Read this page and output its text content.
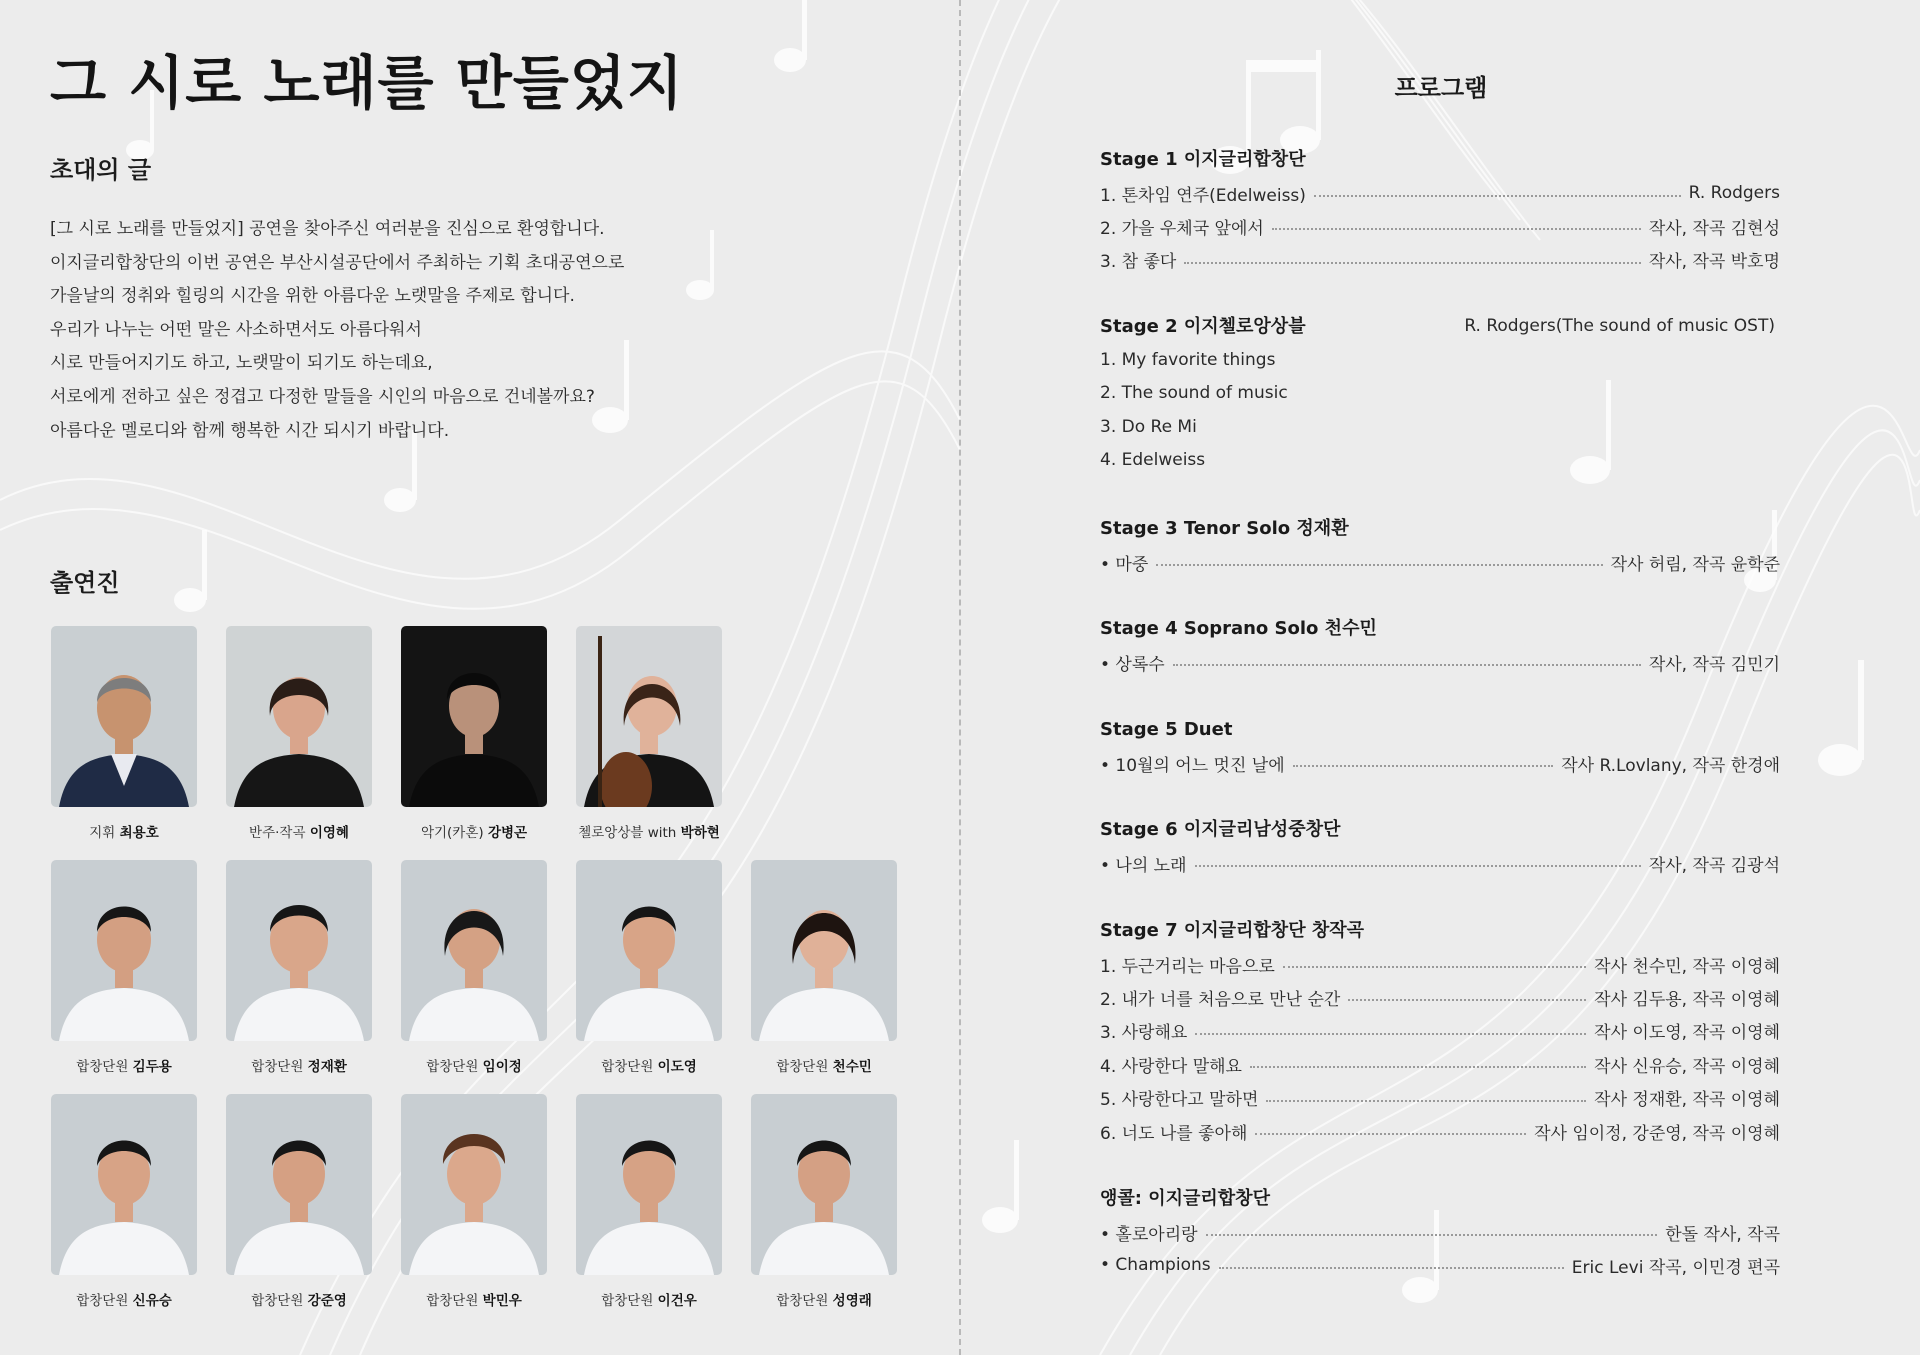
그 시로 노래를 만들었지
초대의 글

[그 시로 노래를 만들었지] 공연을 찾아주신 여러분을 진심으로 환영합니다.

이지글리합창단의 이번 공연은 부산시설공단에서 주최하는 기획 초대공연으로

가을날의 정취와 힐링의 시간을 위한 아름다운 노랫말을 주제로 합니다.

우리가 나누는 어떤 말은 사소하면서도 아름다워서

시로 만들어지기도 하고, 노랫말이 되기도 하는데요,

서로에게 전하고 싶은 정겹고 다정한 말들을 시인의 마음으로 건네볼까요?

아름다운 멜로디와 함께 행복한 시간 되시기 바랍니다.

출연진
지휘 최용호	반주·작곡 이영혜	악기(카혼) 강병곤	첼로앙상블 with 박하현
합창단원 김두용	합창단원 정재환	합창단원 임이정	합창단원 이도영	합창단원 천수민
합창단원 신유승	합창단원 강준영	합창단원 박민우	합창단원 이건우	합창단원 성영래
프로그램
Stage 1 이지글리합창단
1. 톤차임 연주(Edelweiss)	R. Rodgers
2. 가을 우체국 앞에서	작사, 작곡 김현성
3. 참 좋다	작사, 작곡 박호명
Stage 2 이지첼로앙상블	R. Rodgers(The sound of music OST)
1. My favorite things
2. The sound of music
3. Do Re Mi
4. Edelweiss
Stage 3 Tenor Solo 정재환
• 마중	작사 허림, 작곡 윤학준
Stage 4 Soprano Solo 천수민
• 상록수	작사, 작곡 김민기
Stage 5 Duet
• 10월의 어느 멋진 날에	작사 R.Lovlany, 작곡 한경애
Stage 6 이지글리남성중창단
• 나의 노래	작사, 작곡 김광석
Stage 7 이지글리합창단 창작곡
1. 두근거리는 마음으로	작사 천수민, 작곡 이영혜
2. 내가 너를 처음으로 만난 순간	작사 김두용, 작곡 이영혜
3. 사랑해요	작사 이도영, 작곡 이영혜
4. 사랑한다 말해요	작사 신유승, 작곡 이영혜
5. 사랑한다고 말하면	작사 정재환, 작곡 이영혜
6. 너도 나를 좋아해	작사 임이정, 강준영, 작곡 이영혜
앵콜: 이지글리합창단
• 홀로아리랑	한돌 작사, 작곡
• Champions	Eric Levi 작곡, 이민경 편곡
